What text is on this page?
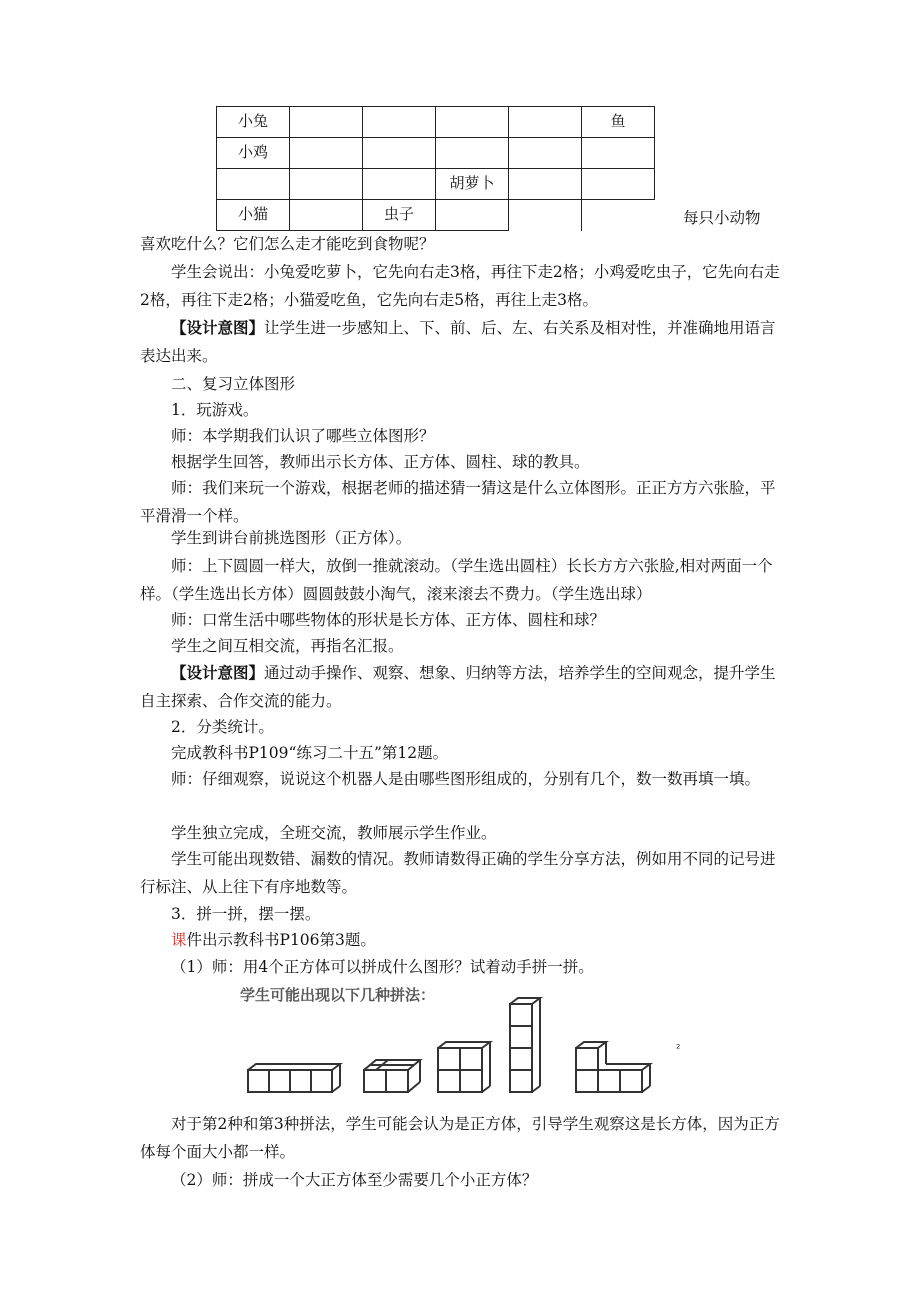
小兔					鱼

小鸡					

			胡萝卜		

小猫		虫子			

		每只小动物

喜欢吃什么？它们怎么走才能吃到食物呢？

学生会说出：小兔爱吃萝卜，它先向右走3格，再往下走2格；小鸡爱吃虫子，它先向右走2格，再往下走2格；小猫爱吃鱼，它先向右走5格，再往上走3格。

【设计意图】让学生进一步感知上、下、前、后、左、右关系及相对性，并准确地用语言表达出来。

二、复习立体图形

1．玩游戏。

师：本学期我们认识了哪些立体图形？

根据学生回答，教师出示长方体、正方体、圆柱、球的教具。

师：我们来玩一个游戏，根据老师的描述猜一猜这是什么立体图形。正正方方六张脸，平平滑滑一个样。

学生到讲台前挑选图形（正方体）。

师：上下圆圆一样大，放倒一推就滚动。（学生选出圆柱）长长方方六张脸,相对两面一个样。（学生选出长方体）圆圆鼓鼓小淘气，滚来滚去不费力。（学生选出球）

师：口常生活中哪些物体的形状是长方体、正方体、圆柱和球？

学生之间互相交流，再指名汇报。

【设计意图】通过动手操作、观察、想象、归纳等方法，培养学生的空间观念，提升学生自主探索、合作交流的能力。

2．分类统计。

完成教科书P109“练习二十五”第12题。

师：仔细观察，说说这个机器人是由哪些图形组成的，分别有几个，数一数再填一填。

学生独立完成，全班交流，教师展示学生作业。

学生可能出现数错、漏数的情况。教师请数得正确的学生分享方法，例如用不同的记号进行标注、从上往下有序地数等。

3．拼一拼，摆一摆。

课件出示教科书P106第3题。

（1）师：用4个正方体可以拼成什么图形？试着动手拼一拼。

学生可能出现以下几种拼法：
²

对于第2种和第3种拼法，学生可能会认为是正方体，引导学生观察这是长方体，因为正方体每个面大小都一样。

（2）师：拼成一个大正方体至少需要几个小正方体？
